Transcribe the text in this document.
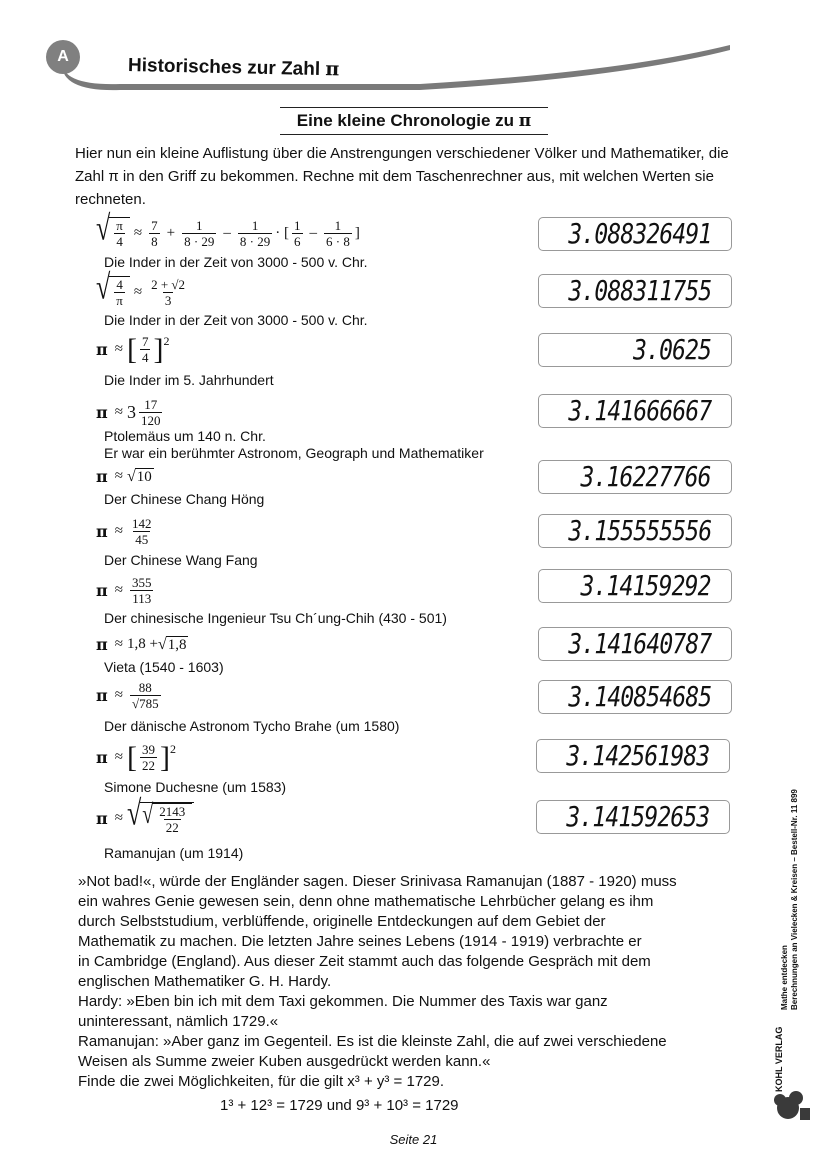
A	Historisches zur Zahl π
Eine kleine Chronologie zu π
Hier nun ein kleine Auflistung über die Anstrengungen verschiedener Völker und Mathematiker, die Zahl π in den Griff zu bekommen. Rechne mit dem Taschenrechner aus, mit welchen Werten sie rechneten.
√ $\frac{\pi}{4} \approx \frac{7}{8} + \frac{1}{8 \cdot 29} - \frac{1}{8 \cdot 29}$ · [ $\frac{1}{6} - \frac{1}{6 \cdot 8}$ ]
Die Inder in der Zeit von 3000 - 500 v. Chr.
3.088326491
√ $\frac{4}{\pi} \approx \frac{2 + √2}{3}$
Die Inder in der Zeit von 3000 - 500 v. Chr.
3.088311755
π ≈ [ $\frac{7}{4}$ ] 2
Die Inder im 5. Jahrhundert
3.0625
$\pi \approx 3 \frac{17}{120}$
Ptolemäus um 140 n. Chr.
Er war ein berühmter Astronom, Geograph und Mathematiker
3.141666667
π ≈ √ 10
Der Chinese Chang Höng
3.16227766
$\pi \approx \frac{142}{45}$
Der Chinese Wang Fang
3.155555556
$\pi \approx \frac{355}{113}$
Der chinesische Ingenieur Tsu Ch´ung-Chih (430 - 501)
3.14159292
π ≈ 1,8 + √ 1,8
Vieta (1540 - 1603)
3.141640787
$\pi \approx \frac{88}{√785}$
Der dänische Astronom Tycho Brahe (um 1580)
3.140854685
π ≈ [ $\frac{39}{22}$ ] 2
Simone Duchesne (um 1583)
3.142561983
π ≈ √ √ $\frac{2143}{22}$
Ramanujan (um 1914)
3.141592653

»Not bad!«, würde der Engländer sagen. Dieser Srinivasa Ramanujan (1887 - 1920) muss

ein wahres Genie gewesen sein, denn ohne mathematische Lehrbücher gelang es ihm

durch Selbststudium, verblüffende, originelle Entdeckungen auf dem Gebiet der

Mathematik zu machen. Die letzten Jahre seines Lebens (1914 - 1919) verbrachte er

in Cambridge (England). Aus dieser Zeit stammt auch das folgende Gespräch mit dem

englischen Mathematiker G. H. Hardy.

Hardy: »Eben bin ich mit dem Taxi gekommen. Die Nummer des Taxis war ganz

uninteressant, nämlich 1729.«

Ramanujan: »Aber ganz im Gegenteil. Es ist die kleinste Zahl, die auf zwei verschiedene

Weisen als Summe zweier Kuben ausgedrückt werden kann.«

Finde die zwei Möglichkeiten, für die gilt x³ + y³ = 1729.

1³ + 12³ = 1729 und 9³ + 10³ = 1729
Seite 21
Mathe entdecken Berechnungen an Vielecken & Kreisen – Bestell-Nr. 11 899
KOHL VERLAG
